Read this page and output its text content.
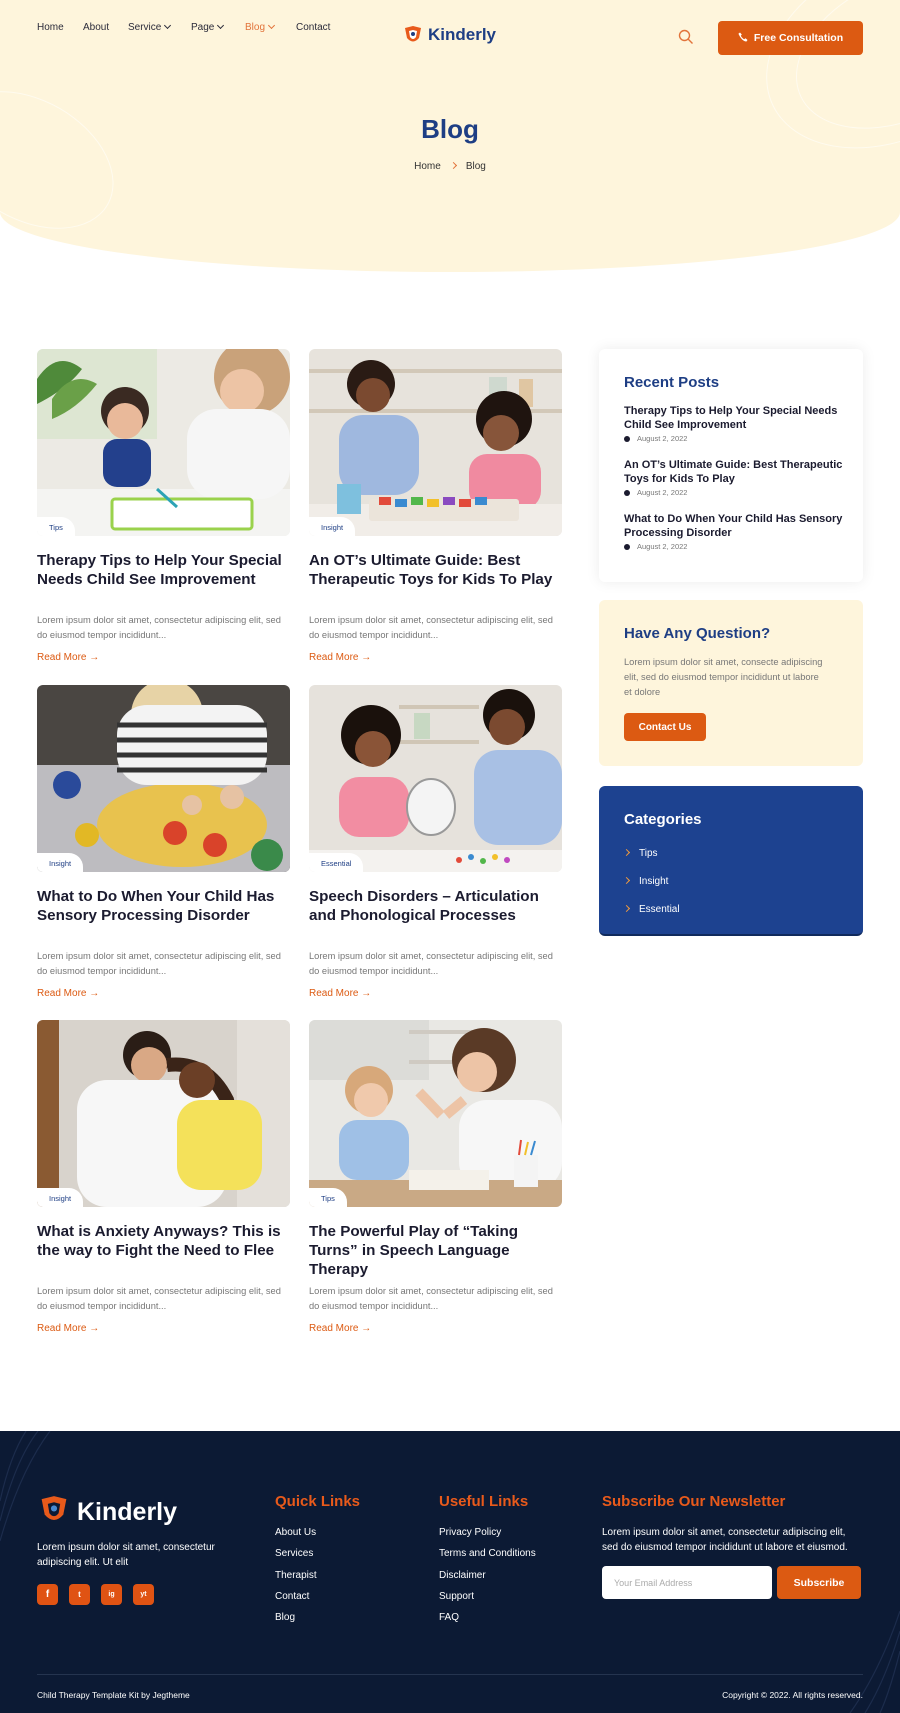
Home About Service	Page	Blog	Contact	Kinderly	Free Consultation
Blog
Home	Blog
Tips
Therapy Tips to Help Your Special Needs Child See Improvement

Lorem ipsum dolor sit amet, consectetur adipiscing elit, sed do eiusmod tempor incididunt...

Read More →
Insight
An OT’s Ultimate Guide: Best Therapeutic Toys for Kids To Play

Lorem ipsum dolor sit amet, consectetur adipiscing elit, sed do eiusmod tempor incididunt...

Read More →
Insight
What to Do When Your Child Has Sensory Processing Disorder

Lorem ipsum dolor sit amet, consectetur adipiscing elit, sed do eiusmod tempor incididunt...

Read More →
Essential
Speech Disorders – Articulation and Phonological Processes

Lorem ipsum dolor sit amet, consectetur adipiscing elit, sed do eiusmod tempor incididunt...

Read More →
Insight
What is Anxiety Anyways? This is the way to Fight the Need to Flee

Lorem ipsum dolor sit amet, consectetur adipiscing elit, sed do eiusmod tempor incididunt...

Read More →
Tips
The Powerful Play of “Taking Turns” in Speech Language Therapy

Lorem ipsum dolor sit amet, consectetur adipiscing elit, sed do eiusmod tempor incididunt...

Read More →
Recent Posts
Therapy Tips to Help Your Special Needs Child See Improvement
August 2, 2022
An OT’s Ultimate Guide: Best Therapeutic Toys for Kids To Play
August 2, 2022
What to Do When Your Child Has Sensory Processing Disorder
August 2, 2022
Have Any Question?

Lorem ipsum dolor sit amet, consecte adipiscing elit, sed do eiusmod tempor incididunt ut labore et dolore

Contact Us
Categories
Tips
Insight
Essential
Kinderly

Lorem ipsum dolor sit amet, consectetur adipiscing elit. Ut elit

f	t	ig	yt
Quick Links
About Us
Services
Therapist
Contact
Blog
Useful Links
Privacy Policy
Terms and Conditions
Disclaimer
Support
FAQ
Subscribe Our Newsletter

Lorem ipsum dolor sit amet, consectetur adipiscing elit, sed do eiusmod tempor incididunt ut labore et eiusmod.

Your Email Address
Subscribe
Child Therapy Template Kit by Jegtheme	Copyright © 2022. All rights reserved.
